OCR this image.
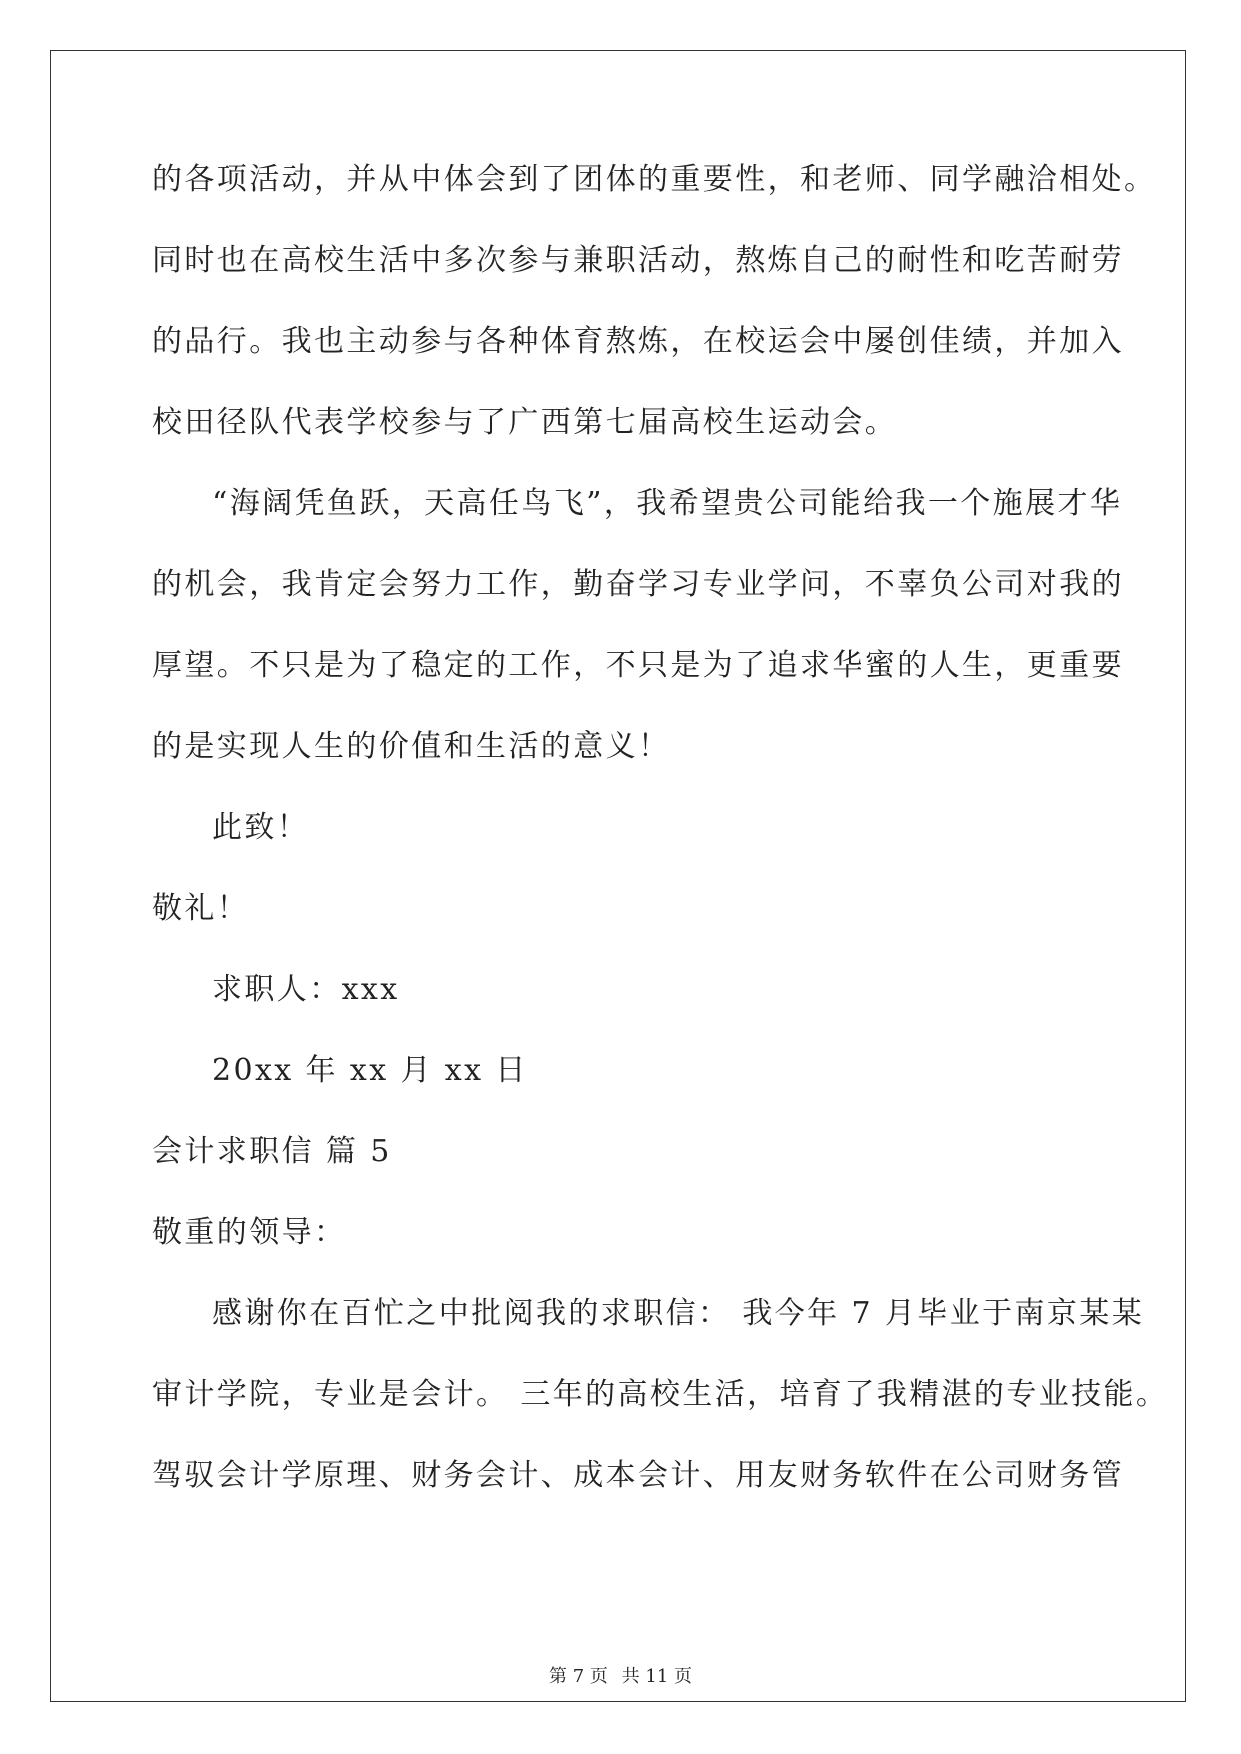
的各项活动，并从中体会到了团体的重要性，和老师、同学融洽相处。
同时也在高校生活中多次参与兼职活动，熬炼自己的耐性和吃苦耐劳
的品行。我也主动参与各种体育熬炼，在校运会中屡创佳绩，并加入
校田径队代表学校参与了广西第七届高校生运动会。
“海阔凭鱼跃，天高任鸟飞”，我希望贵公司能给我一个施展才华
的机会，我肯定会努力工作，勤奋学习专业学问，不辜负公司对我的
厚望。不只是为了稳定的工作，不只是为了追求华蜜的人生，更重要
的是实现人生的价值和生活的意义！
此致！
敬礼！
求职人：xxx
20xx 年 xx 月 xx 日
会计求职信 篇 5
敬重的领导：
感谢你在百忙之中批阅我的求职信： 我今年 7 月毕业于南京某某
审计学院，专业是会计。 三年的高校生活，培育了我精湛的专业技能。
驾驭会计学原理、财务会计、成本会计、用友财务软件在公司财务管
第 7 页 共 11 页
